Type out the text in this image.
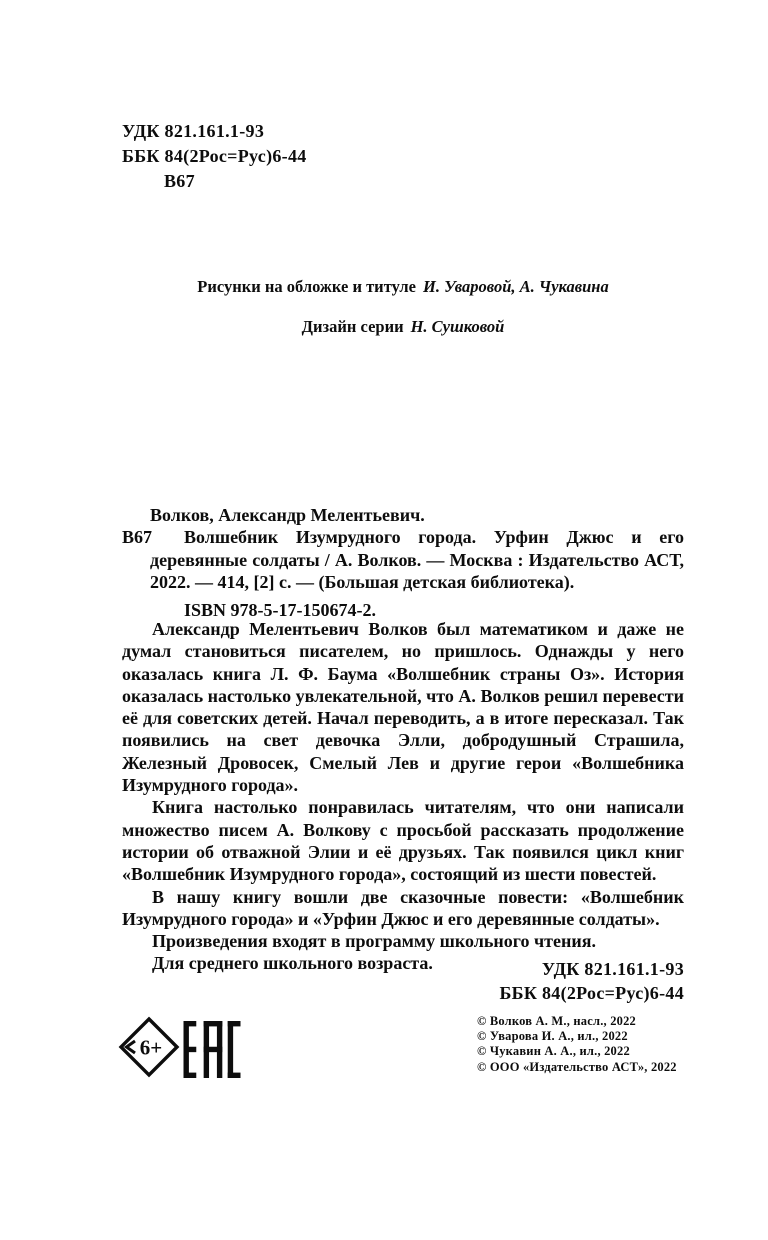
УДК 821.161.1-93
ББК 84(2Рос=Рус)6-44
В67
Рисунки на обложке и титуле И. Уваровой, А. Чукавина
Дизайн серии Н. Сушковой
Волков, Александр Мелентьевич.
В67	Волшебник Изумрудного города. Урфин Джюс и его деревянные солдаты / А. Волков. — Москва : Издательство АСТ, 2022. — 414, [2] с. — (Большая детская библиотека).

ISBN 978-5-17-150674-2.

Александр Мелентьевич Волков был математиком и даже не думал становиться писателем, но пришлось. Однажды у него оказалась книга Л. Ф. Баума «Волшебник страны Оз». История оказалась настолько увлекательной, что А. Волков решил перевести её для советских детей. Начал переводить, а в итоге пересказал. Так появились на свет девочка Элли, добродушный Страшила, Железный Дровосек, Смелый Лев и другие герои «Волшебника Изумрудного города».

Книга настолько понравилась читателям, что они написали множество писем А. Волкову с просьбой рассказать продолжение истории об отважной Элии и её друзьях. Так появился цикл книг «Волшебник Изумрудного города», состоящий из шести повестей.

В нашу книгу вошли две сказочные повести: «Волшебник Изумрудного города» и «Урфин Джюс и его деревянные солдаты».

Произведения входят в программу школьного чтения.

Для среднего школьного возраста.	УДК 821.161.1-93
ББК 84(2Рос=Рус)6-44
© Волков А. М., насл., 2022
© Уварова И. А., ил., 2022
© Чукавин А. А., ил., 2022
© ООО «Издательство АСТ», 2022
6+
